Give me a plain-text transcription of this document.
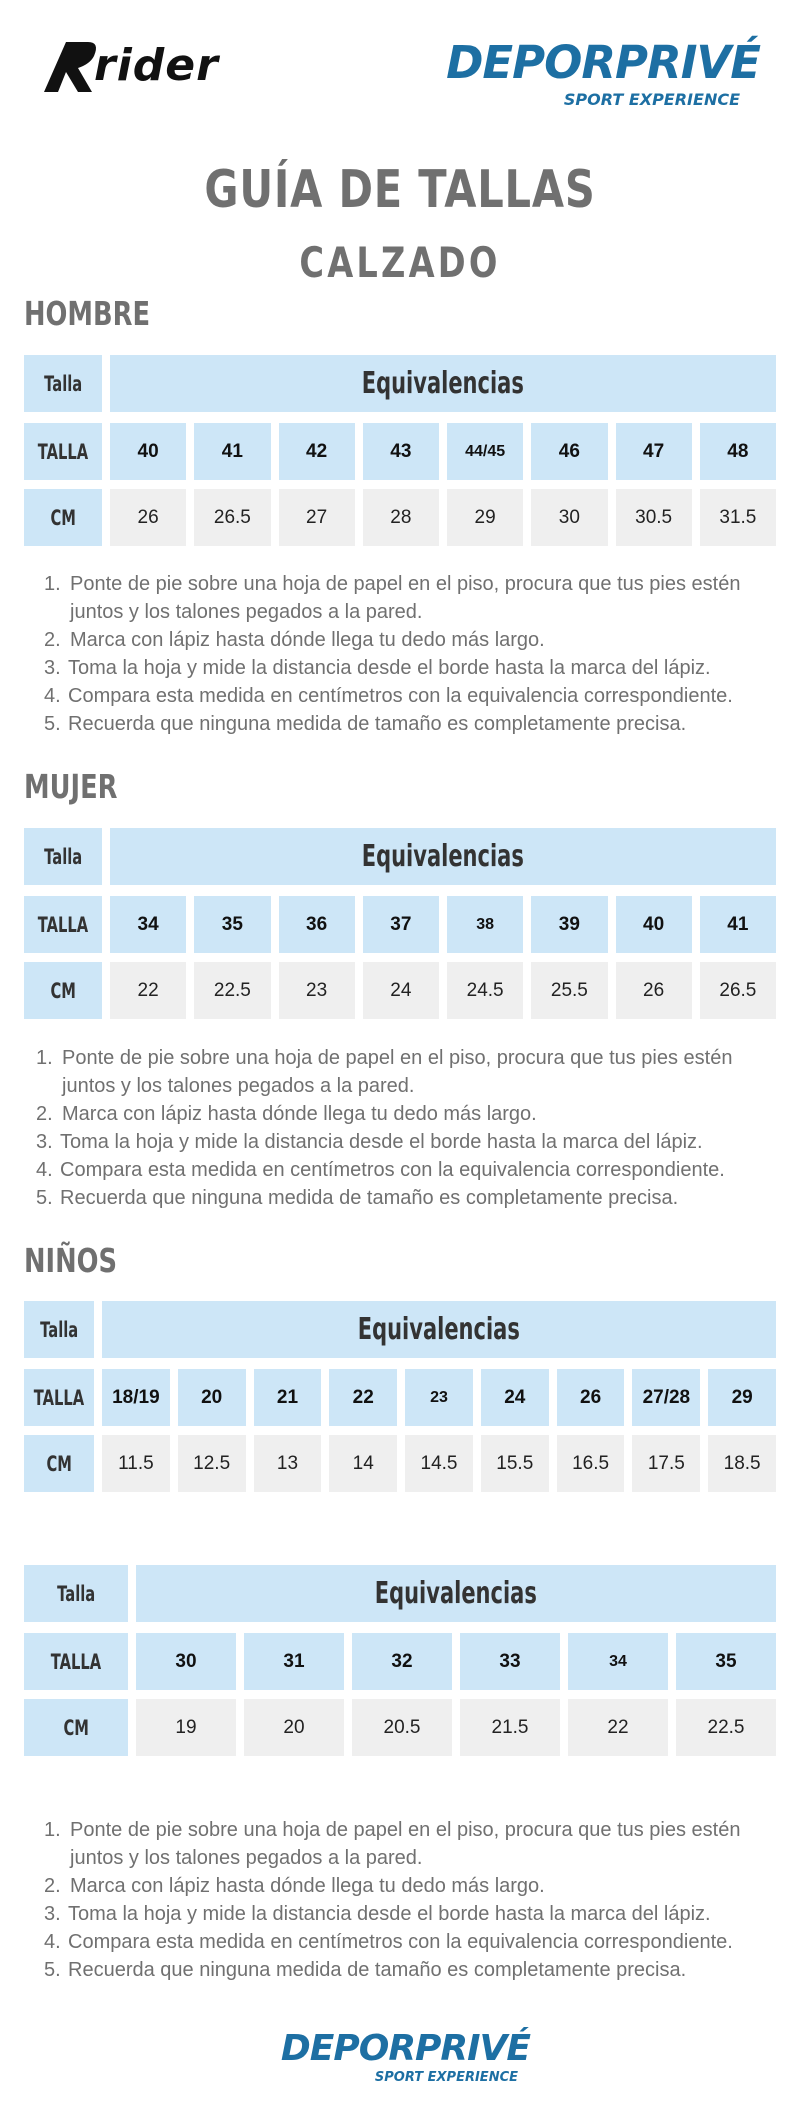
rider	DEPORPRIVÉ
SPORT EXPERIENCE
GUÍA DE TALLAS
CALZADO
HOMBRE
Talla	Equivalencias
TALLA	40	41	42	43	44/45	46	47	48
CM	26	26.5	27	28	29	30	30.5	31.5
1. Ponte de pie sobre una hoja de papel en el piso, procura que tus pies estén juntos y los talones pegados a la pared.
2. Marca con lápiz hasta dónde llega tu dedo más largo.
3. Toma la hoja y mide la distancia desde el borde hasta la marca del lápiz.
4. Compara esta medida en centímetros con la equivalencia correspondiente.
5. Recuerda que ninguna medida de tamaño es completamente precisa.
MUJER
Talla	Equivalencias
TALLA	34	35	36	37	38	39	40	41
CM	22	22.5	23	24	24.5	25.5	26	26.5
1. Ponte de pie sobre una hoja de papel en el piso, procura que tus pies estén juntos y los talones pegados a la pared.
2. Marca con lápiz hasta dónde llega tu dedo más largo.
3. Toma la hoja y mide la distancia desde el borde hasta la marca del lápiz.
4. Compara esta medida en centímetros con la equivalencia correspondiente.
5. Recuerda que ninguna medida de tamaño es completamente precisa.
NIÑOS
Talla	Equivalencias
TALLA	18/19	20	21	22	23	24	26	27/28	29
CM	11.5	12.5	13	14	14.5	15.5	16.5	17.5	18.5
Talla	Equivalencias
TALLA	30	31	32	33	34	35
CM	19	20	20.5	21.5	22	22.5
1. Ponte de pie sobre una hoja de papel en el piso, procura que tus pies estén juntos y los talones pegados a la pared.
2. Marca con lápiz hasta dónde llega tu dedo más largo.
3. Toma la hoja y mide la distancia desde el borde hasta la marca del lápiz.
4. Compara esta medida en centímetros con la equivalencia correspondiente.
5. Recuerda que ninguna medida de tamaño es completamente precisa.
DEPORPRIVÉ
SPORT EXPERIENCE
